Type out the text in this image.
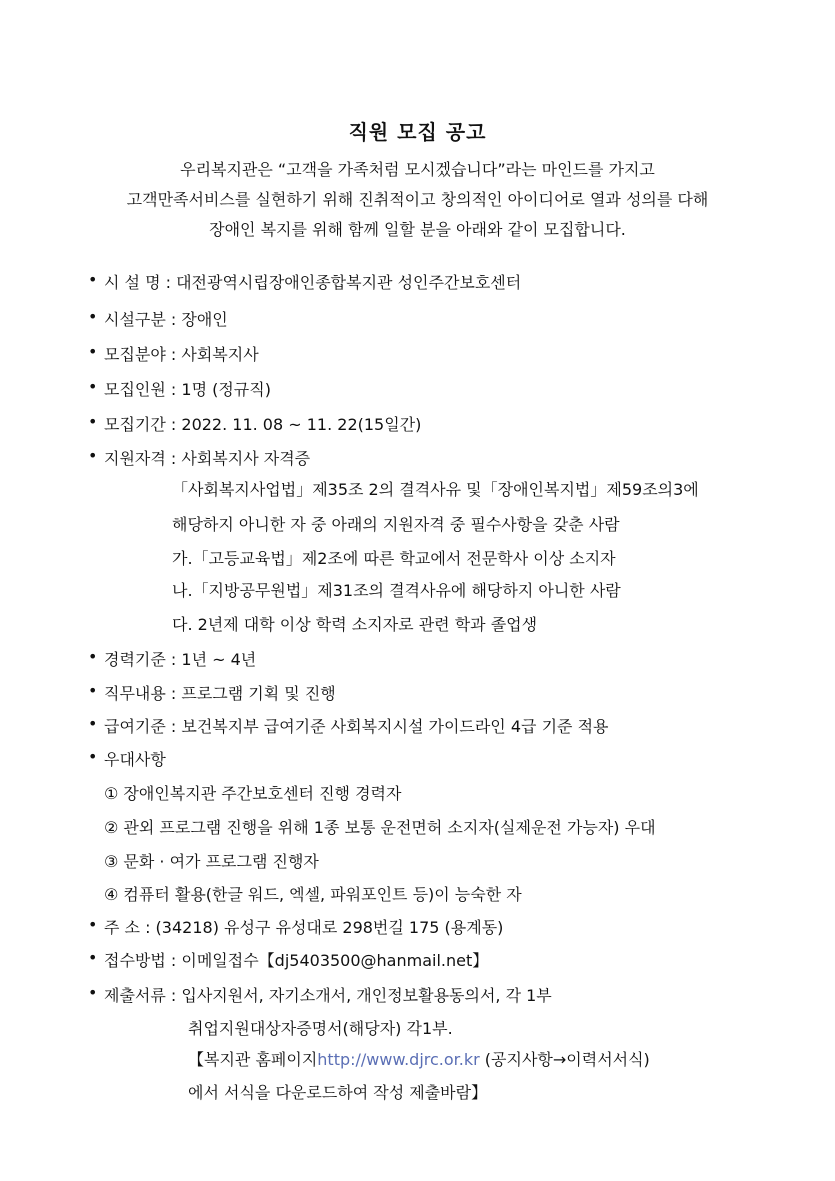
직원 모집 공고
우리복지관은 “고객을 가족처럼 모시겠습니다”라는 마인드를 가지고
고객만족서비스를 실현하기 위해 진취적이고 창의적인 아이디어로 열과 성의를 다해
장애인 복지를 위해 함께 일할 분을 아래와 같이 모집합니다.
• 시 설 명 : 대전광역시립장애인종합복지관 성인주간보호센터
• 시설구분 : 장애인
• 모집분야 : 사회복지사
• 모집인원 : 1명 (정규직)
• 모집기간 : 2022. 11. 08 ~ 11. 22(15일간)
• 지원자격 : 사회복지사 자격증
「사회복지사업법」제35조 2의 결격사유 및「장애인복지법」제59조의3에
해당하지 아니한 자 중 아래의 지원자격 중 필수사항을 갖춘 사람
가.「고등교육법」제2조에 따른 학교에서 전문학사 이상 소지자
나.「지방공무원법」제31조의 결격사유에 해당하지 아니한 사람
다. 2년제 대학 이상 학력 소지자로 관련 학과 졸업생
• 경력기준 : 1년 ~ 4년
• 직무내용 : 프로그램 기획 및 진행
• 급여기준 : 보건복지부 급여기준 사회복지시설 가이드라인 4급 기준 적용
• 우대사항
① 장애인복지관 주간보호센터 진행 경력자
② 관외 프로그램 진행을 위해 1종 보통 운전면허 소지자(실제운전 가능자) 우대
③ 문화 · 여가 프로그램 진행자
④ 컴퓨터 활용(한글 워드, 엑셀, 파워포인트 등)이 능숙한 자
• 주 소 : (34218) 유성구 유성대로 298번길 175 (용계동)
• 접수방법 : 이메일접수【dj5403500@hanmail.net】
• 제출서류 : 입사지원서, 자기소개서, 개인정보활용동의서, 각 1부
취업지원대상자증명서(해당자) 각1부.
【복지관 홈페이지http://www.djrc.or.kr (공지사항→이력서서식)
에서 서식을 다운로드하여 작성 제출바람】
